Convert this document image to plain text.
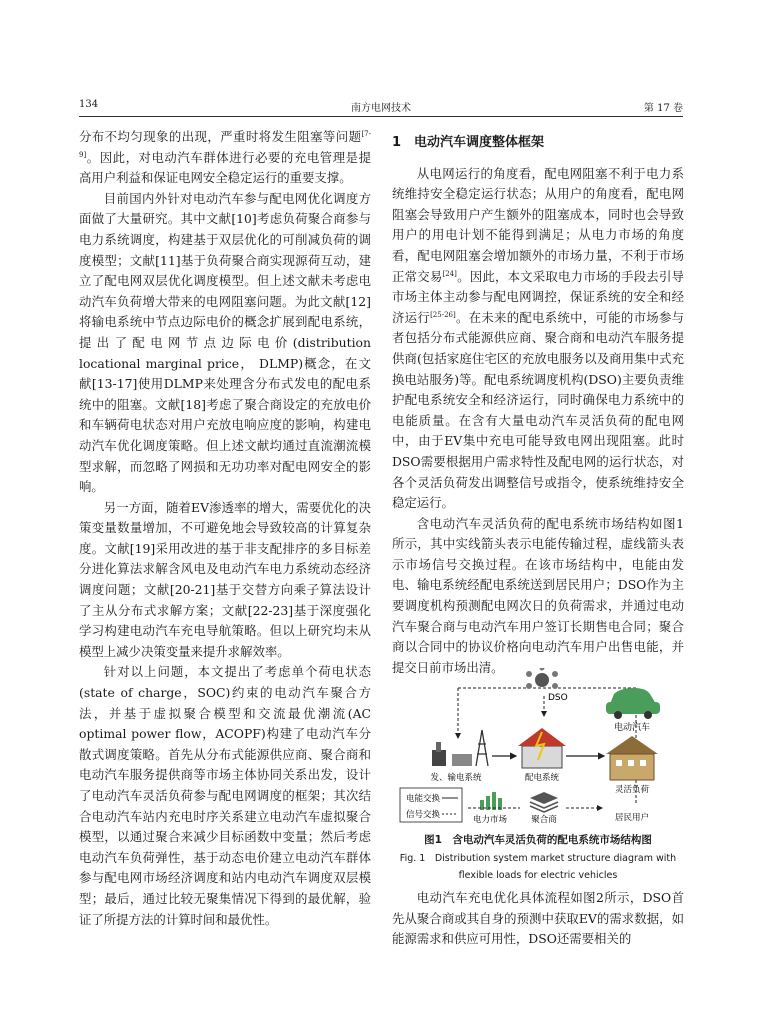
134	南方电网技术	第 17 卷

分布不均匀现象的出现，严重时将发生阻塞等问题[7-9]。因此，对电动汽车群体进行必要的充电管理是提高用户利益和保证电网安全稳定运行的重要支撑。

目前国内外针对电动汽车参与配电网优化调度方面做了大量研究。其中文献[10]考虑负荷聚合商参与电力系统调度，构建基于双层优化的可削减负荷的调度模型；文献[11]基于负荷聚合商实现源荷互动，建立了配电网双层优化调度模型。但上述文献未考虑电动汽车负荷增大带来的电网阻塞问题。为此文献[12]将输电系统中节点边际电价的概念扩展到配电系统，提出了配电网节点边际电价(distribution locational marginal price， DLMP)概念，在文献[13-17]使用DLMP来处理含分布式发电的配电系统中的阻塞。文献[18]考虑了聚合商设定的充放电价和车辆荷电状态对用户充放电响应度的影响，构建电动汽车优化调度策略。但上述文献均通过直流潮流模型求解，而忽略了网损和无功功率对配电网安全的影响。

另一方面，随着EV渗透率的增大，需要优化的决策变量数量增加，不可避免地会导致较高的计算复杂度。文献[19]采用改进的基于非支配排序的多目标差分进化算法求解含风电及电动汽车电力系统动态经济调度问题；文献[20-21]基于交替方向乘子算法设计了主从分布式求解方案；文献[22-23]基于深度强化学习构建电动汽车充电导航策略。但以上研究均未从模型上减少决策变量来提升求解效率。

针对以上问题，本文提出了考虑单个荷电状态(state of charge，SOC)约束的电动汽车聚合方法，并基于虚拟聚合模型和交流最优潮流(AC optimal power flow，ACOPF)构建了电动汽车分散式调度策略。首先从分布式能源供应商、聚合商和电动汽车服务提供商等市场主体协同关系出发，设计了电动汽车灵活负荷参与配电网调度的框架；其次结合电动汽车站内充电时序关系建立电动汽车虚拟聚合模型，以通过聚合来减少目标函数中变量；然后考虑电动汽车负荷弹性，基于动态电价建立电动汽车群体参与配电网市场经济调度和站内电动汽车调度双层模型；最后，通过比较无聚集情况下得到的最优解，验证了所提方法的计算时间和最优性。

1 电动汽车调度整体框架

从电网运行的角度看，配电网阻塞不利于电力系统维持安全稳定运行状态；从用户的角度看，配电网阻塞会导致用户产生额外的阻塞成本，同时也会导致用户的用电计划不能得到满足；从电力市场的角度看，配电网阻塞会增加额外的市场力量，不利于市场正常交易[24]。因此，本文采取电力市场的手段去引导市场主体主动参与配电网调控，保证系统的安全和经济运行[25-26]。在未来的配电系统中，可能的市场参与者包括分布式能源供应商、聚合商和电动汽车服务提供商(包括家庭住宅区的充放电服务以及商用集中式充换电站服务)等。配电系统调度机构(DSO)主要负责维护配电系统安全和经济运行，同时确保电力系统中的电能质量。在含有大量电动汽车灵活负荷的配电网中，由于EV集中充电可能导致电网出现阻塞。此时DSO需要根据用户需求特性及配电网的运行状态，对各个灵活负荷发出调整信号或指令，使系统维持安全稳定运行。

含电动汽车灵活负荷的配电系统市场结构如图1所示，其中实线箭头表示电能传输过程，虚线箭头表示市场信号交换过程。在该市场结构中，电能由发电、输电系统经配电系统送到居民用户；DSO作为主要调度机构预测配电网次日的负荷需求，并通过电动汽车聚合商与电动汽车用户签订长期售电合同；聚合商以合同中的协议价格向电动汽车用户出售电能，并提交日前市场出清。

DSO
电动汽车
发、输电系统	配电系统
灵活负荷
电能交换
信号交换	电力市场	聚合商	居民用户
图1　含电动汽车灵活负荷的配电系统市场结构图
Fig. 1　Distribution system market structure diagram with
flexible loads for electric vehicles

电动汽车充电优化具体流程如图2所示，DSO首先从聚合商或其自身的预测中获取EV的需求数据，如能源需求和供应可用性，DSO还需要相关的
